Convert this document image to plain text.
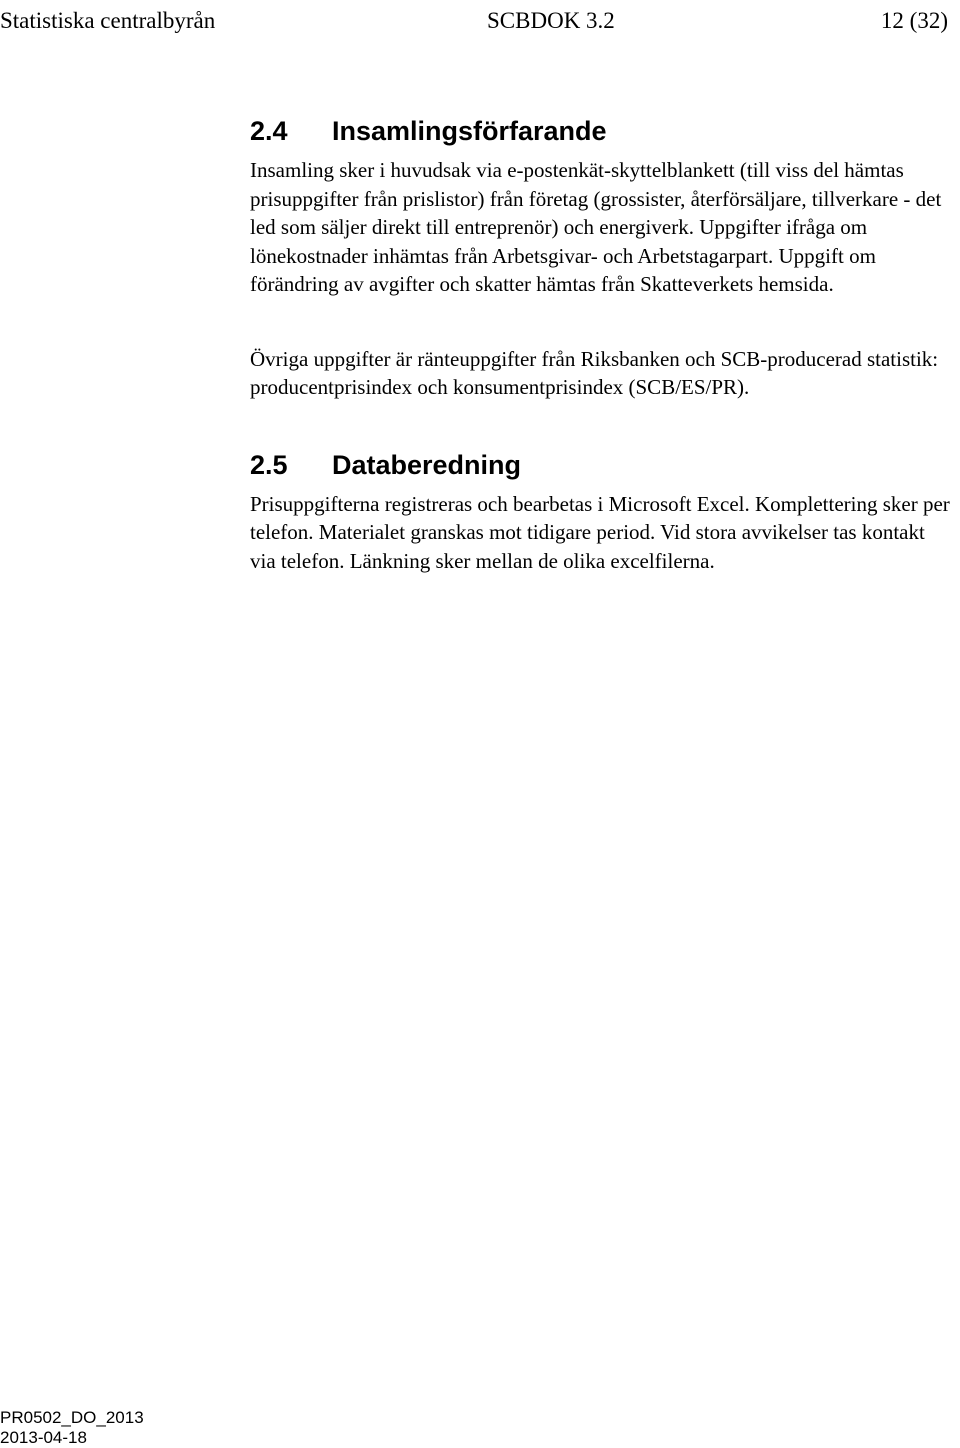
Statistiska centralbyrån	SCBDOK 3.2	12 (32)
2.4	Insamlingsförfarande

Insamling sker i huvudsak via e-postenkät-skyttelblankett (till viss del hämtas prisuppgifter från prislistor) från företag (grossister, återförsäljare, tillverkare - det led som säljer direkt till entreprenör) och energiverk. Uppgifter ifråga om lönekostnader inhämtas från Arbetsgivar- och Arbetstagarpart. Uppgift om förändring av avgifter och skatter hämtas från Skatteverkets hemsida.

Övriga uppgifter är ränteuppgifter från Riksbanken och SCB-producerad statistik: producentprisindex och konsumentprisindex (SCB/ES/PR).

2.5	Databeredning

Prisuppgifterna registreras och bearbetas i Microsoft Excel. Komplettering sker per telefon. Materialet granskas mot tidigare period. Vid stora avvikelser tas kontakt via telefon. Länkning sker mellan de olika excelfilerna.

PR0502_DO_2013
2013-04-18
